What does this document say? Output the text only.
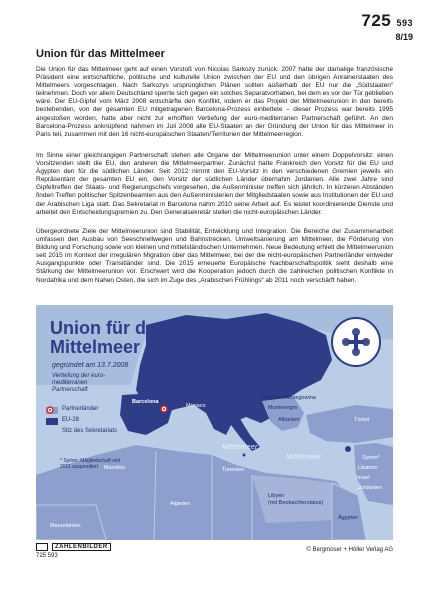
725 593
8/19
Union für das Mittelmeer

Die Union für das Mittelmeer geht auf einen Vorstoß von Nicolas Sarkozy zurück. 2007 hatte der damalige französische Präsident eine wirtschaftliche, politische und kulturelle Union zwischen der EU und den übrigen Anrainerstaaten des Mittelmeers vorgeschlagen. Nach Sarkozys ursprünglichen Plänen sollten außerhalb der EU nur die „Südstaaten“ teilnehmen. Doch vor allem Deutschland sperrte sich gegen ein solches Separatvorhaben, bei dem es vor der Tür geblieben wäre. Der EU-Gipfel vom März 2008 entschärfte den Konflikt, indem er das Projekt der Mittelmeerunion in den bereits bestehenden, von der gesamten EU mitgetragenen Barcelona-Prozess einbettete – dieser Prozess war bereits 1995 angestoßen worden, hatte aber nicht zur erhofften Vertiefung der euro-mediterranen Partnerschaft geführt. An den Barcelona-Prozess anknüpfend nahmen im Juli 2008 alle EU-Staaten an der Gründung der Union für das Mittelmeer in Paris teil, zusammen mit den 16 nicht-europäischen Staaten/Territorien der Mittelmeerregion.

Im Sinne einer gleichrangigen Partnerschaft stehen alle Organe der Mittelmeerunion unter einem Doppelvorsitz: einen Vorsitzenden stellt die EU, den anderen die Mittelmeerpartner. Zunächst hatte Frankreich den Vorsitz für die EU und Ägypten den für die südlichen Länder. Seit 2012 nimmt den EU-Vorsitz in den verschiedenen Gremien jeweils ein Repräsentant der gesamten EU ein, den Vorsitz der südlichen Länder übernahm Jordanien. Alle zwei Jahre sind Gipfeltreffen der Staats- und Regierungschefs vorgesehen, die Außenminister treffen sich jährlich. In kürzeren Abständen finden Treffen politischer Spitzenbeamten aus den Außenministerien der Mitgliedstaaten sowie aus Institutionen der EU und der Arabischen Liga statt. Das Sekretariat in Barcelona nahm 2010 seine Arbeit auf. Es leistet koordinierende Dienste und arbeitet den Entscheidungsgremien zu. Den Generalsekretär stellen die nicht-europäischen Länder.

Übergeordnete Ziele der Mittelmeerunion sind Stabilität, Entwicklung und Integration. Die Bereiche der Zusammenarbeit umfassen den Ausbau von Seeschnellwegen und Bahnstrecken, Umweltsanierung am Mittelmeer, die Förderung von Bildung und Forschung sowie von kleinen und mittelständischen Unternehmen. Neue Bedeutung erhielt die Mittelmeerunion seit 2015 im Kontext der irregulären Migration über das Mittelmeer, bei der die nicht-europäischen Partnerländer entweder Ausgangspunkte oder Transitländer sind. Die 2015 erneuerte Europäische Nachbarschaftspolitik sieht deshalb eine Stärkung der Mittelmeerunion vor. Erschwert wird die Kooperation jedoch durch die zahlreichen politischen Konflikte in Nordafrika und dem Nahen Osten, die sich im Zuge des „Arabischen Frühlings“ ab 2011 noch verschärft haben.

Union für das
Mittelmeer
gegründet am 13.7.2008
Vertiefung der euro-mediterranen Partnerschaft
Partnerländer
EU-28
Sitz des Sekretariats
* Syrien: Mitgliedschaft seit 2011 suspendiert
Barcelona
Monaco
Bosnien-Herzegowina
Montenegro
Albanien	Türkei
Syrien*
Libanon
Israel
Jordanien
Marokko
Algerien
Tunesien
Libyen
(mit Beobachterstatus)
Ägypten
Mauretanien
Mittelmeer
Mittelmeer
ZAHLENBILDER
725 593
© Bergmoser + Höller Verlag AG
